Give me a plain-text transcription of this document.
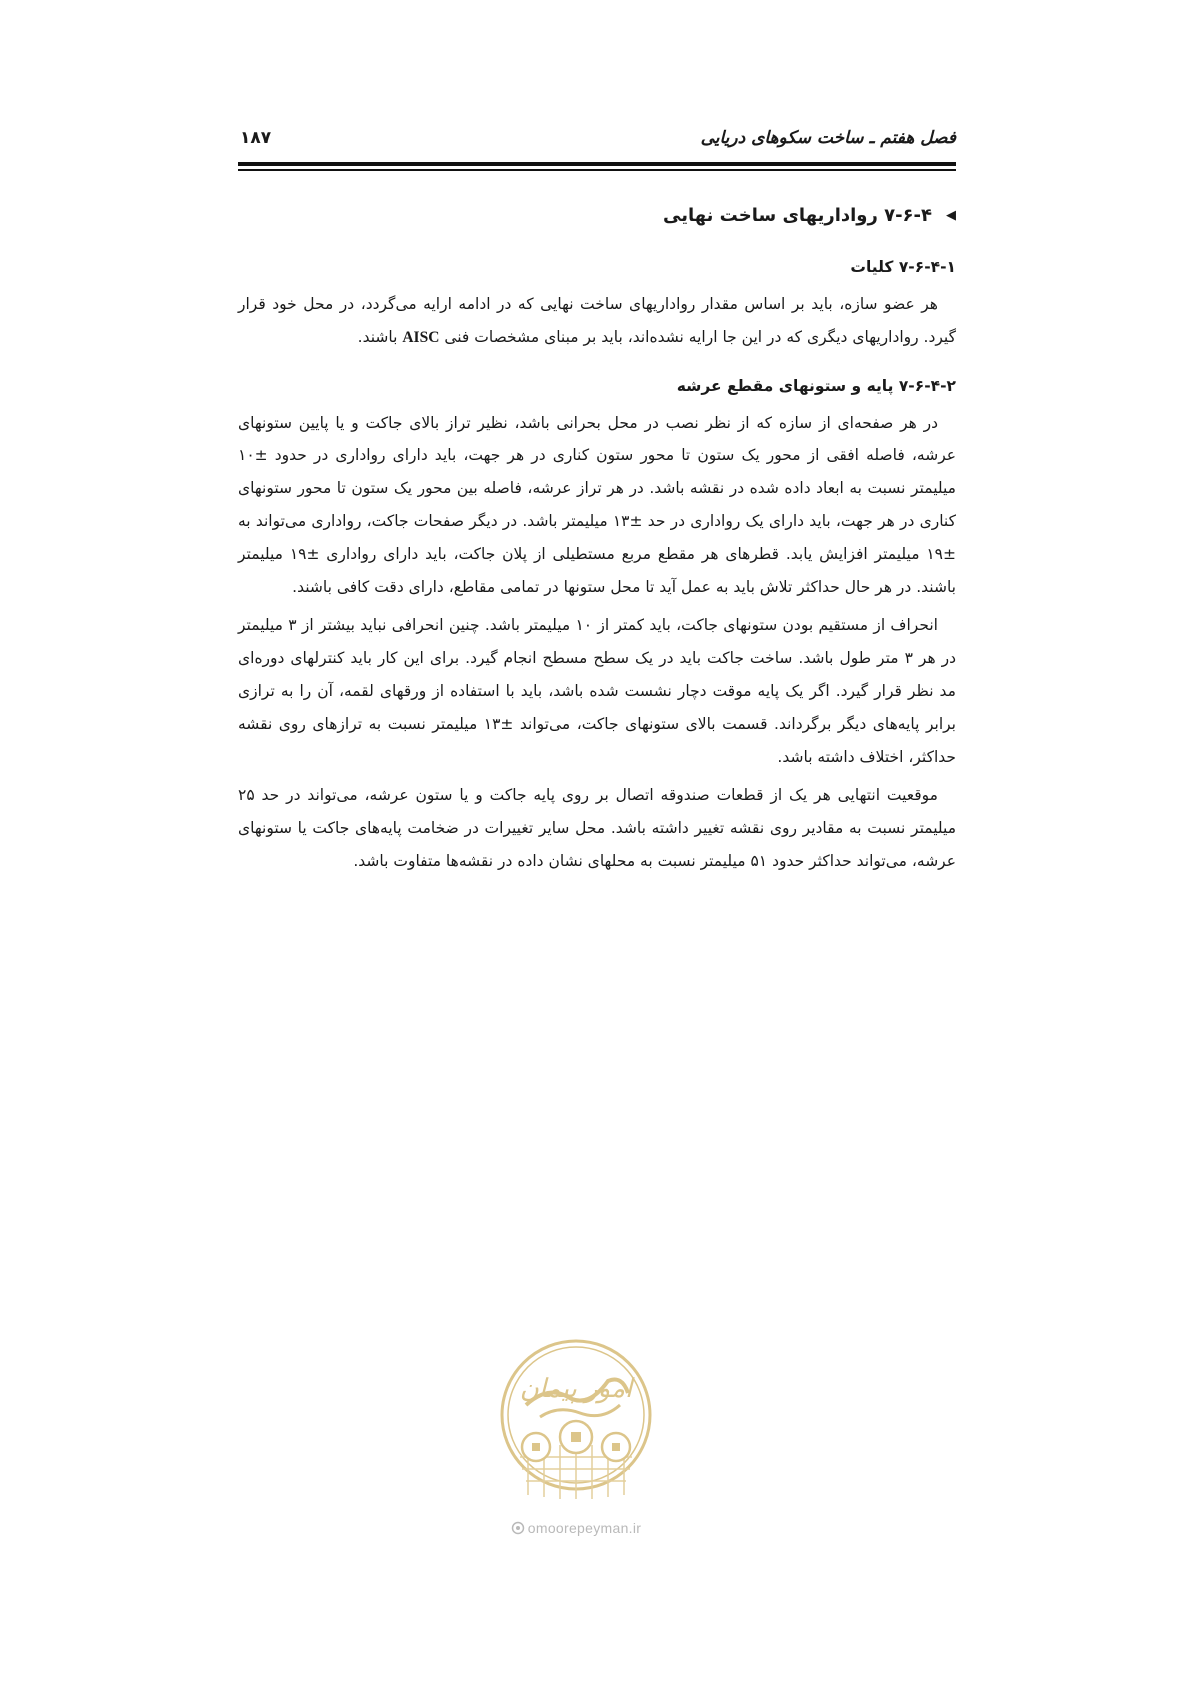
فصل هفتم ـ ساخت سکوهای دریایی
۱۸۷
◀
۷-۶-۴ رواداریهای ساخت نهایی
۷-۶-۴-۱ کلیات

هر عضو سازه، باید بر اساس مقدار رواداریهای ساخت نهایی که در ادامه ارایه می‌گردد، در محل خود قرار گیرد. رواداریهای دیگری که در این جا ارایه نشده‌اند، باید بر مبنای مشخصات فنی AISC باشند.

۷-۶-۴-۲ پایه و ستونهای مقطع عرشه

در هر صفحه‌ای از سازه که از نظر نصب در محل بحرانی باشد، نظیر تراز بالای جاکت و یا پایین ستونهای عرشه، فاصله افقی از محور یک ستون تا محور ستون کناری در هر جهت، باید دارای رواداری در حدود ±۱۰ میلیمتر نسبت به ابعاد داده شده در نقشه باشد. در هر تراز عرشه، فاصله بین محور یک ستون تا محور ستونهای کناری در هر جهت، باید دارای یک رواداری در حد ±۱۳ میلیمتر باشد. در دیگر صفحات جاکت، رواداری می‌تواند به ±۱۹ میلیمتر افزایش یابد. قطرهای هر مقطع مربع مستطیلی از پلان جاکت، باید دارای رواداری ±۱۹ میلیمتر باشند. در هر حال حداکثر تلاش باید به عمل آید تا محل ستونها در تمامی مقاطع، دارای دقت کافی باشند.

انحراف از مستقیم بودن ستونهای جاکت، باید کمتر از ۱۰ میلیمتر باشد. چنین انحرافی نباید بیشتر از ۳ میلیمتر در هر ۳ متر طول باشد. ساخت جاکت باید در یک سطح مسطح انجام گیرد. برای این کار باید کنترلهای دوره‌ای مد نظر قرار گیرد. اگر یک پایه موقت دچار نشست شده باشد، باید با استفاده از ورقهای لقمه، آن را به ترازی برابر پایه‌های دیگر برگرداند. قسمت بالای ستونهای جاکت، می‌تواند ±۱۳ میلیمتر نسبت به ترازهای روی نقشه حداکثر، اختلاف داشته باشد.

موقعیت انتهایی هر یک از قطعات صندوقه اتصال بر روی پایه جاکت و یا ستون عرشه، می‌تواند در حد ۲۵ میلیمتر نسبت به مقادیر روی نقشه تغییر داشته باشد. محل سایر تغییرات در ضخامت پایه‌های جاکت یا ستونهای عرشه، می‌تواند حداکثر حدود ۵۱ میلیمتر نسبت به محلهای نشان داده در نقشه‌ها متفاوت باشد.

امور پیمان
omoorepeyman.ir
